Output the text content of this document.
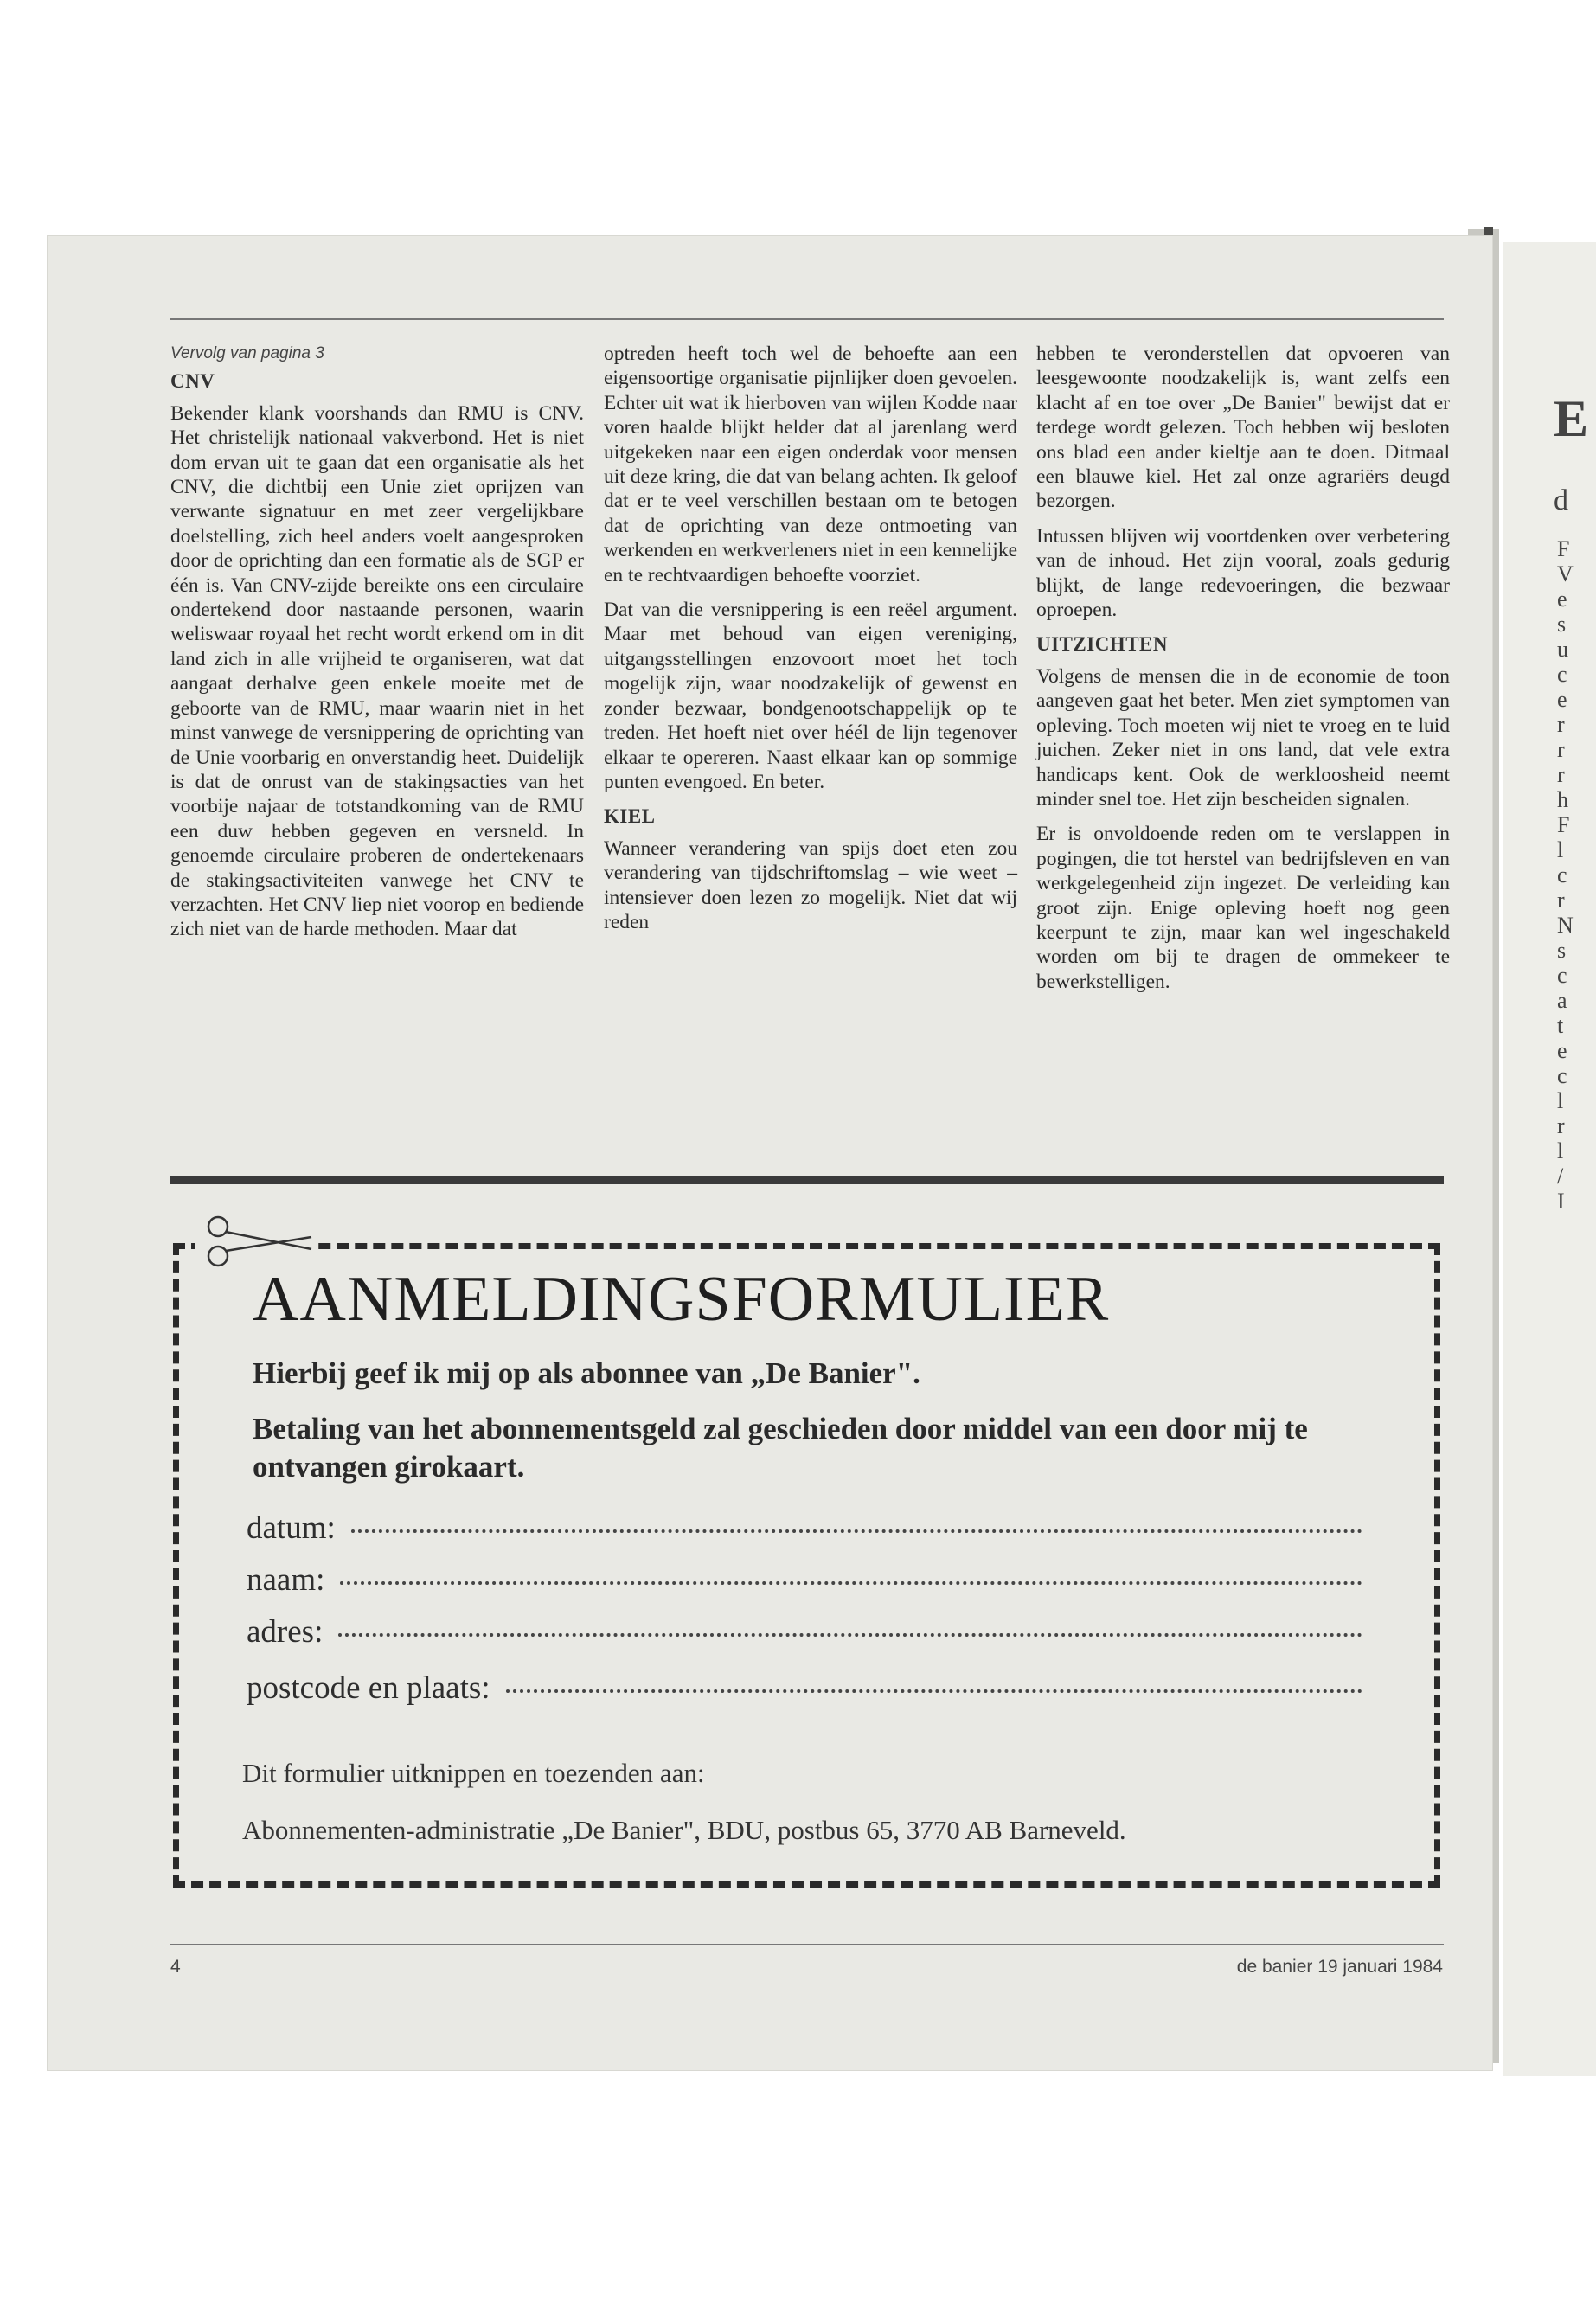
E
d
F
V
e
s
u
c
e
r
r
r
h
F
l
c
r
N
s
c
a
t
e
c
l
r
l
/
I
Vervolg van pagina 3
CNV

Bekender klank voorshands dan RMU is CNV. Het christelijk nationaal vakverbond. Het is niet dom ervan uit te gaan dat een organisatie als het CNV, die dichtbij een Unie ziet oprijzen van verwante signatuur en met zeer vergelijkbare doelstelling, zich heel anders voelt aangesproken door de oprichting dan een formatie als de SGP er één is. Van CNV-zijde bereikte ons een circulaire ondertekend door nastaande personen, waarin weliswaar royaal het recht wordt erkend om in dit land zich in alle vrijheid te organiseren, wat dat aangaat derhalve geen enkele moeite met de geboorte van de RMU, maar waarin niet in het minst vanwege de versnippering de oprichting van de Unie voorbarig en onverstandig heet. Duidelijk is dat de onrust van de stakingsacties van het voorbije najaar de totstandkoming van de RMU een duw hebben gegeven en versneld. In genoemde circulaire proberen de ondertekenaars de stakingsactiviteiten vanwege het CNV te verzachten. Het CNV liep niet voorop en bediende zich niet van de harde methoden. Maar dat

optreden heeft toch wel de behoefte aan een eigensoortige organisatie pijnlijker doen gevoelen. Echter uit wat ik hierboven van wijlen Kodde naar voren haalde blijkt helder dat al jarenlang werd uitgekeken naar een eigen onderdak voor mensen uit deze kring, die dat van belang achten. Ik geloof dat er te veel verschillen bestaan om te betogen dat de oprichting van deze ontmoeting van werkenden en werkverleners niet in een kennelijke en te rechtvaardigen behoefte voorziet.

Dat van die versnippering is een reëel argument. Maar met behoud van eigen vereniging, uitgangsstellingen enzovoort moet het toch mogelijk zijn, waar noodzakelijk of gewenst en zonder bezwaar, bondgenootschappelijk op te treden. Het hoeft niet over héél de lijn tegenover elkaar te opereren. Naast elkaar kan op sommige punten evengoed. En beter.

KIEL

Wanneer verandering van spijs doet eten zou verandering van tijdschriftomslag – wie weet – intensiever doen lezen zo mogelijk. Niet dat wij reden

hebben te veronderstellen dat opvoeren van leesgewoonte noodzakelijk is, want zelfs een klacht af en toe over „De Banier" bewijst dat er terdege wordt gelezen. Toch hebben wij besloten ons blad een ander kieltje aan te doen. Ditmaal een blauwe kiel. Het zal onze agrariërs deugd bezorgen.

Intussen blijven wij voortdenken over verbetering van de inhoud. Het zijn vooral, zoals gedurig blijkt, de lange redevoeringen, die bezwaar oproepen.

UITZICHTEN

Volgens de mensen die in de economie de toon aangeven gaat het beter. Men ziet symptomen van opleving. Toch moeten wij niet te vroeg en te luid juichen. Zeker niet in ons land, dat vele extra handicaps kent. Ook de werkloosheid neemt minder snel toe. Het zijn bescheiden signalen.

Er is onvoldoende reden om te verslappen in pogingen, die tot herstel van bedrijfsleven en van werkgelegenheid zijn ingezet. De verleiding kan groot zijn. Enige opleving hoeft nog geen keerpunt te zijn, maar kan wel ingeschakeld worden om bij te dragen de ommekeer te bewerkstelligen.

AANMELDINGSFORMULIER
Hierbij geef ik mij op als abonnee van „De Banier".
Betaling van het abonnementsgeld zal geschieden door middel van een door mij te ontvangen girokaart.
datum:
naam:
adres:
postcode en plaats:
Dit formulier uitknippen en toezenden aan:
Abonnementen-administratie „De Banier", BDU, postbus 65, 3770 AB Barneveld.
4	de banier 19 januari 1984
